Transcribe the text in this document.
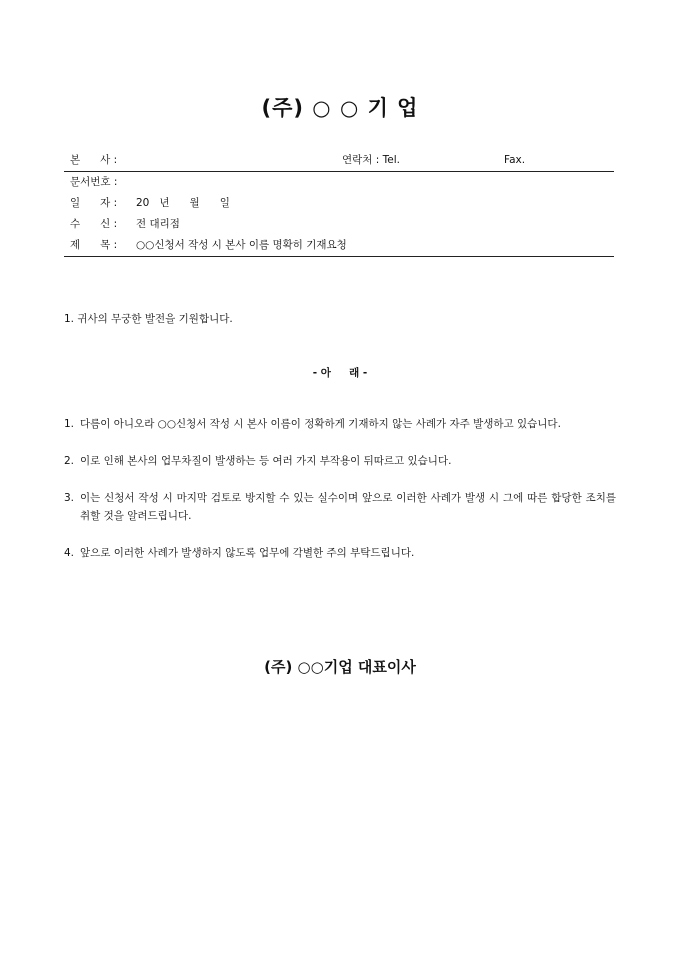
(주) ○ ○ 기 업
본      사 :	연락처 : Tel.	Fax.
문서번호 :
일      자 :	20   년      월      일
수      신 :	전 대리점
제      목 :	○○신청서 작성 시 본사 이름 명확히 기재요청
1. 귀사의 무궁한 발전을 기원합니다.
- 아     래 -
1. 다름이 아니오라 ○○신청서 작성 시 본사 이름이 정확하게 기재하지 않는 사례가 자주 발생하고 있습니다.
2. 이로 인해 본사의 업무차질이 발생하는 등 여러 가지 부작용이 뒤따르고 있습니다.
3. 이는 신청서 작성 시 마지막 검토로 방지할 수 있는 실수이며 앞으로 이러한 사례가 발생 시 그에 따른 합당한 조치를 취할 것을 알려드립니다.
4. 앞으로 이러한 사례가 발생하지 않도록 업무에 각별한 주의 부탁드립니다.
(주) ○○기업 대표이사
